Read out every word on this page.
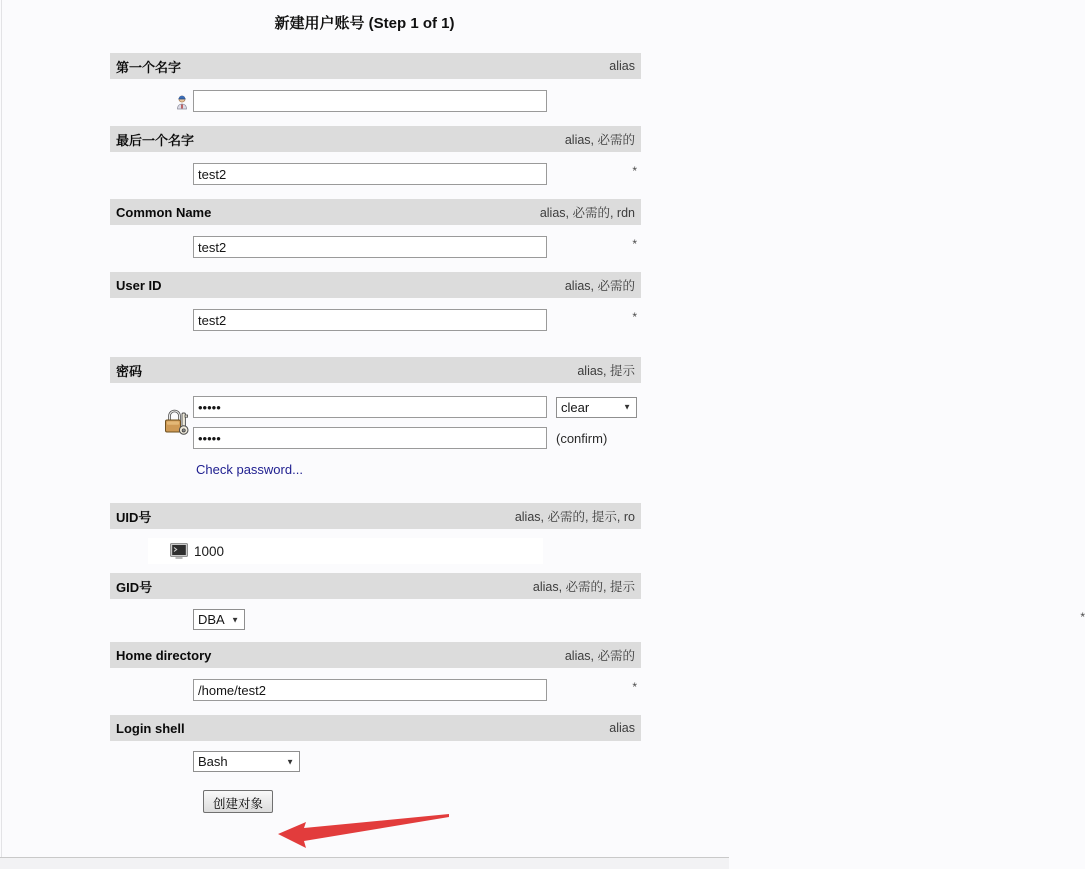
新建用户账号 (Step 1 of 1)
第一个名字	alias
最后一个名字	alias, 必需的
test2
*
Common Name	alias, 必需的, rdn
test2
*
User ID	alias, 必需的
test2
*
密码	alias, 提示
•••••
clear ▼
•••••
(confirm)
Check password...
UID号	alias, 必需的, 提示, ro
1000
GID号	alias, 必需的, 提示
DBA ▼
*
Home directory	alias, 必需的
/home/test2
*
Login shell	alias
Bash ▼
创建对象
